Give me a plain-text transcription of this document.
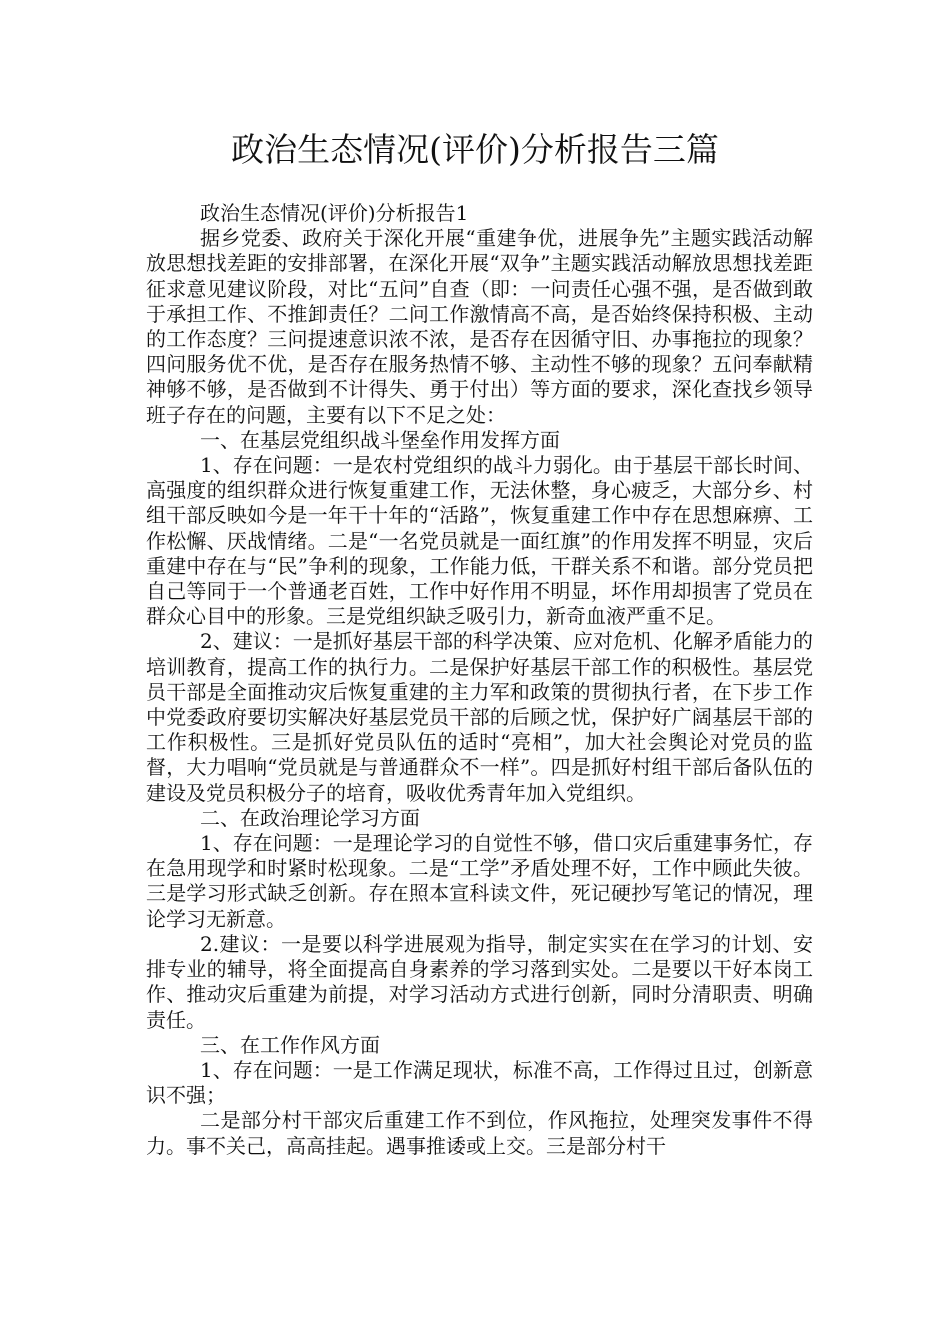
政治生态情况(评价)分析报告三篇

政治生态情况(评价)分析报告1

据乡党委、政府关于深化开展“重建争优，进展争先”主题实践活动解放思想找差距的安排部署，在深化开展“双争”主题实践活动解放思想找差距征求意见建议阶段，对比“五问”自查（即：一问责任心强不强，是否做到敢于承担工作、不推卸责任？二问工作激情高不高，是否始终保持积极、主动的工作态度？三问提速意识浓不浓，是否存在因循守旧、办事拖拉的现象？四问服务优不优，是否存在服务热情不够、主动性不够的现象？五问奉献精神够不够，是否做到不计得失、勇于付出）等方面的要求，深化查找乡领导班子存在的问题，主要有以下不足之处：

一、在基层党组织战斗堡垒作用发挥方面

1、存在问题：一是农村党组织的战斗力弱化。由于基层干部长时间、高强度的组织群众进行恢复重建工作，无法休整，身心疲乏，大部分乡、村组干部反映如今是一年干十年的“活路”，恢复重建工作中存在思想麻痹、工作松懈、厌战情绪。二是“一名党员就是一面红旗”的作用发挥不明显，灾后重建中存在与“民”争利的现象，工作能力低，干群关系不和谐。部分党员把自己等同于一个普通老百姓，工作中好作用不明显，坏作用却损害了党员在群众心目中的形象。三是党组织缺乏吸引力，新奇血液严重不足。

2、建议：一是抓好基层干部的科学决策、应对危机、化解矛盾能力的培训教育，提高工作的执行力。二是保护好基层干部工作的积极性。基层党员干部是全面推动灾后恢复重建的主力军和政策的贯彻执行者，在下步工作中党委政府要切实解决好基层党员干部的后顾之忧，保护好广阔基层干部的工作积极性。三是抓好党员队伍的适时“亮相”，加大社会舆论对党员的监督，大力唱响“党员就是与普通群众不一样”。四是抓好村组干部后备队伍的建设及党员积极分子的培育，吸收优秀青年加入党组织。

二、在政治理论学习方面

1、存在问题：一是理论学习的自觉性不够，借口灾后重建事务忙，存在急用现学和时紧时松现象。二是“工学”矛盾处理不好，工作中顾此失彼。三是学习形式缺乏创新。存在照本宣科读文件，死记硬抄写笔记的情况，理论学习无新意。

2.建议：一是要以科学进展观为指导，制定实实在在学习的计划、安排专业的辅导，将全面提高自身素养的学习落到实处。二是要以干好本岗工作、推动灾后重建为前提，对学习活动方式进行创新，同时分清职责、明确责任。

三、在工作作风方面

1、存在问题：一是工作满足现状，标准不高，工作得过且过，创新意识不强；

二是部分村干部灾后重建工作不到位，作风拖拉，处理突发事件不得力。事不关己，高高挂起。遇事推诿或上交。三是部分村干
